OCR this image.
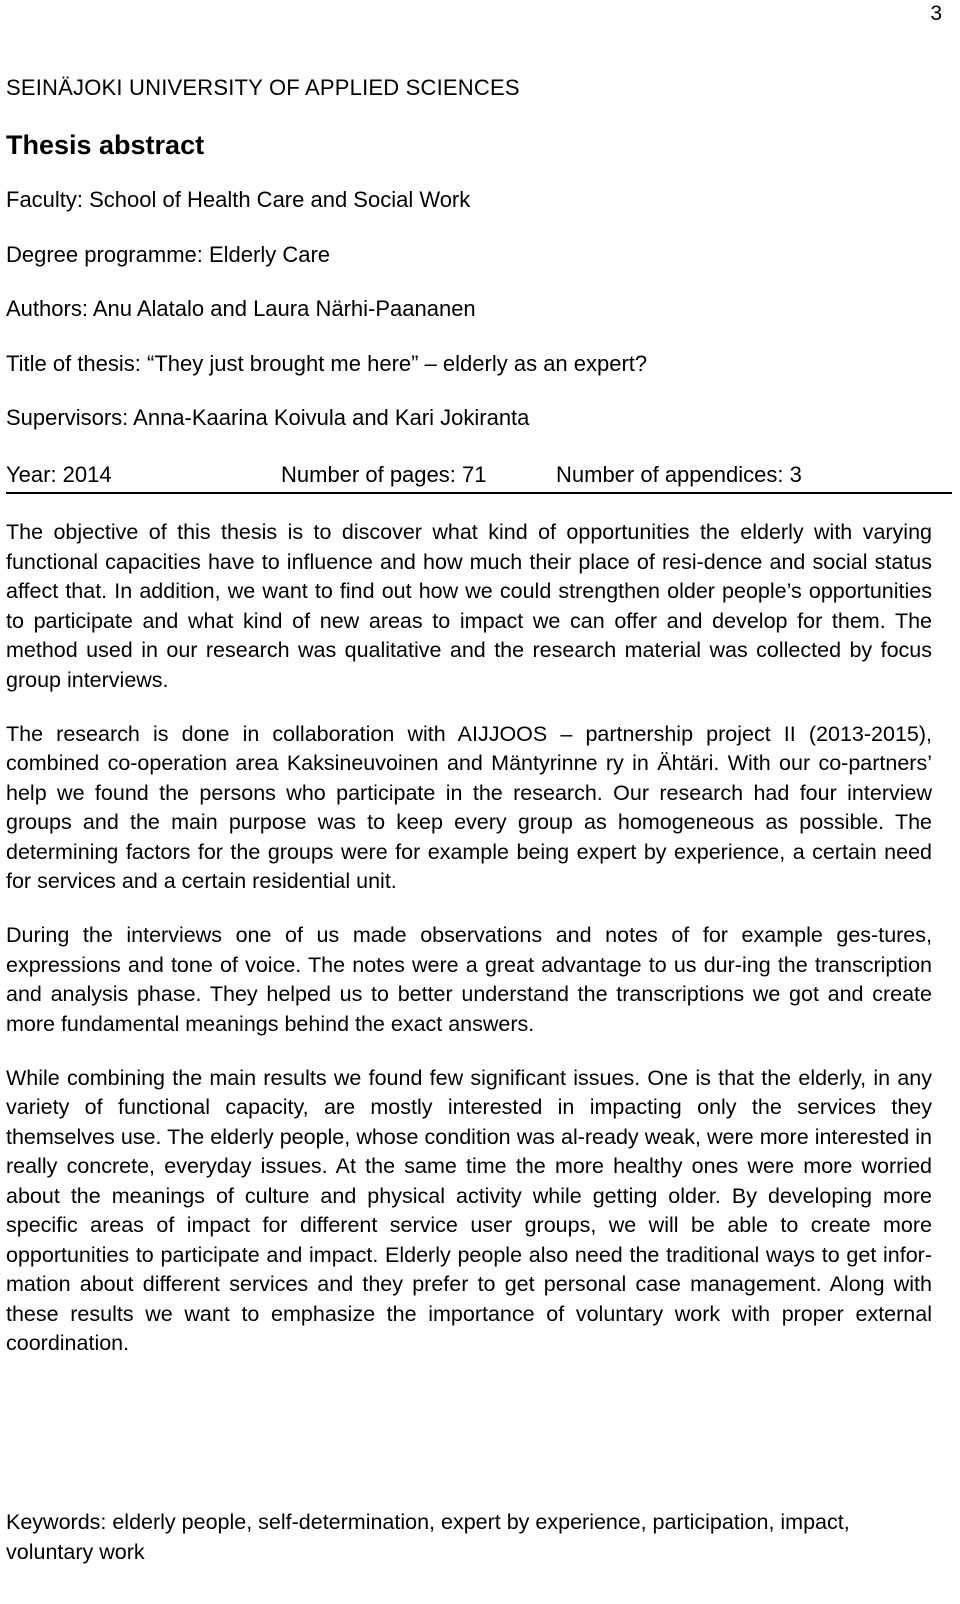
3
SEINÄJOKI UNIVERSITY OF APPLIED SCIENCES
Thesis abstract
Faculty: School of Health Care and Social Work
Degree programme: Elderly Care
Authors: Anu Alatalo and Laura Närhi-Paananen
Title of thesis: “They just brought me here” – elderly as an expert?
Supervisors: Anna-Kaarina Koivula and Kari Jokiranta
Year: 2014	Number of pages: 71	Number of appendices: 3

The objective of this thesis is to discover what kind of opportunities the elderly with varying functional capacities have to influence and how much their place of resi-dence and social status affect that. In addition, we want to find out how we could strengthen older people’s opportunities to participate and what kind of new areas to impact we can offer and develop for them. The method used in our research was qualitative and the research material was collected by focus group interviews.

The research is done in collaboration with AIJJOOS – partnership project II (2013-2015), combined co-operation area Kaksineuvoinen and Mäntyrinne ry in Ähtäri. With our co-partners’ help we found the persons who participate in the research. Our research had four interview groups and the main purpose was to keep every group as homogeneous as possible. The determining factors for the groups were for example being expert by experience, a certain need for services and a certain residential unit.

During the interviews one of us made observations and notes of for example ges-tures, expressions and tone of voice. The notes were a great advantage to us dur-ing the transcription and analysis phase. They helped us to better understand the transcriptions we got and create more fundamental meanings behind the exact answers.

While combining the main results we found few significant issues. One is that the elderly, in any variety of functional capacity, are mostly interested in impacting only the services they themselves use. The elderly people, whose condition was al-ready weak, were more interested in really concrete, everyday issues. At the same time the more healthy ones were more worried about the meanings of culture and physical activity while getting older. By developing more specific areas of impact for different service user groups, we will be able to create more opportunities to participate and impact. Elderly people also need the traditional ways to get infor-mation about different services and they prefer to get personal case management. Along with these results we want to emphasize the importance of voluntary work with proper external coordination.

Keywords: elderly people, self-determination, expert by experience, participation, impact, voluntary work
